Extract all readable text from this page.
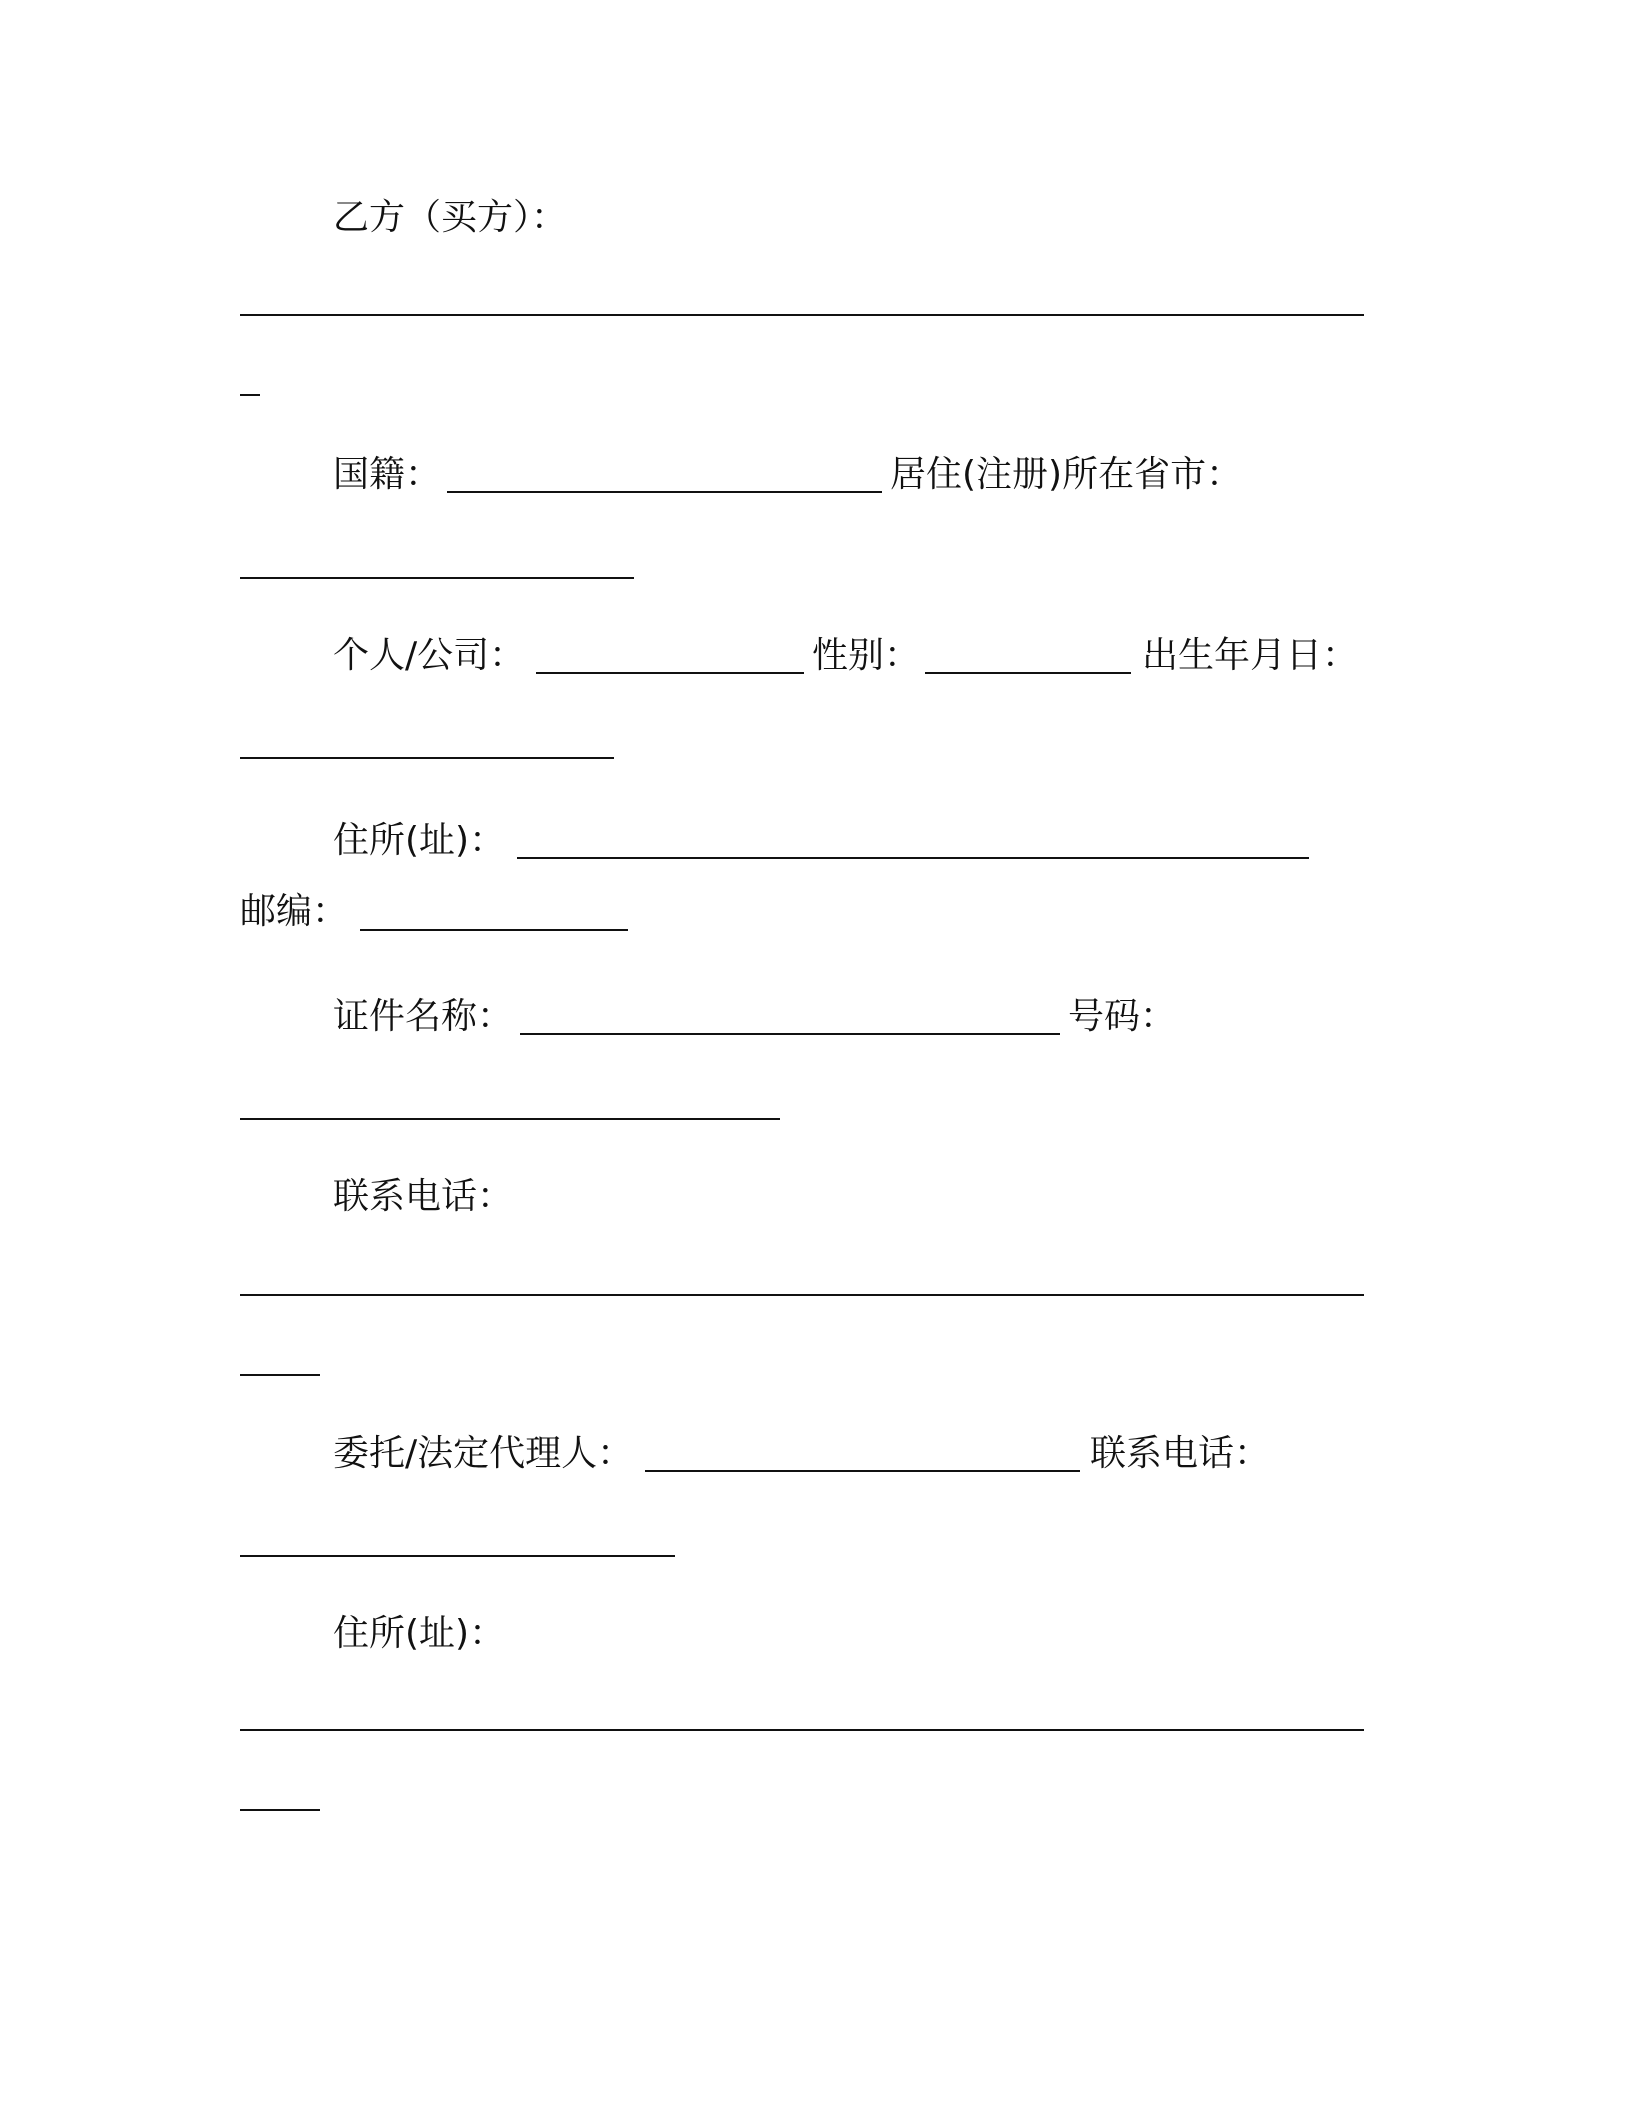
乙方（买方）：
国籍：	居住(注册)所在省市：
个人/公司：	性别：	出生年月日：
住所(址)：
邮编：
证件名称：	号码：
联系电话：
委托/法定代理人：	联系电话：
住所(址)：
